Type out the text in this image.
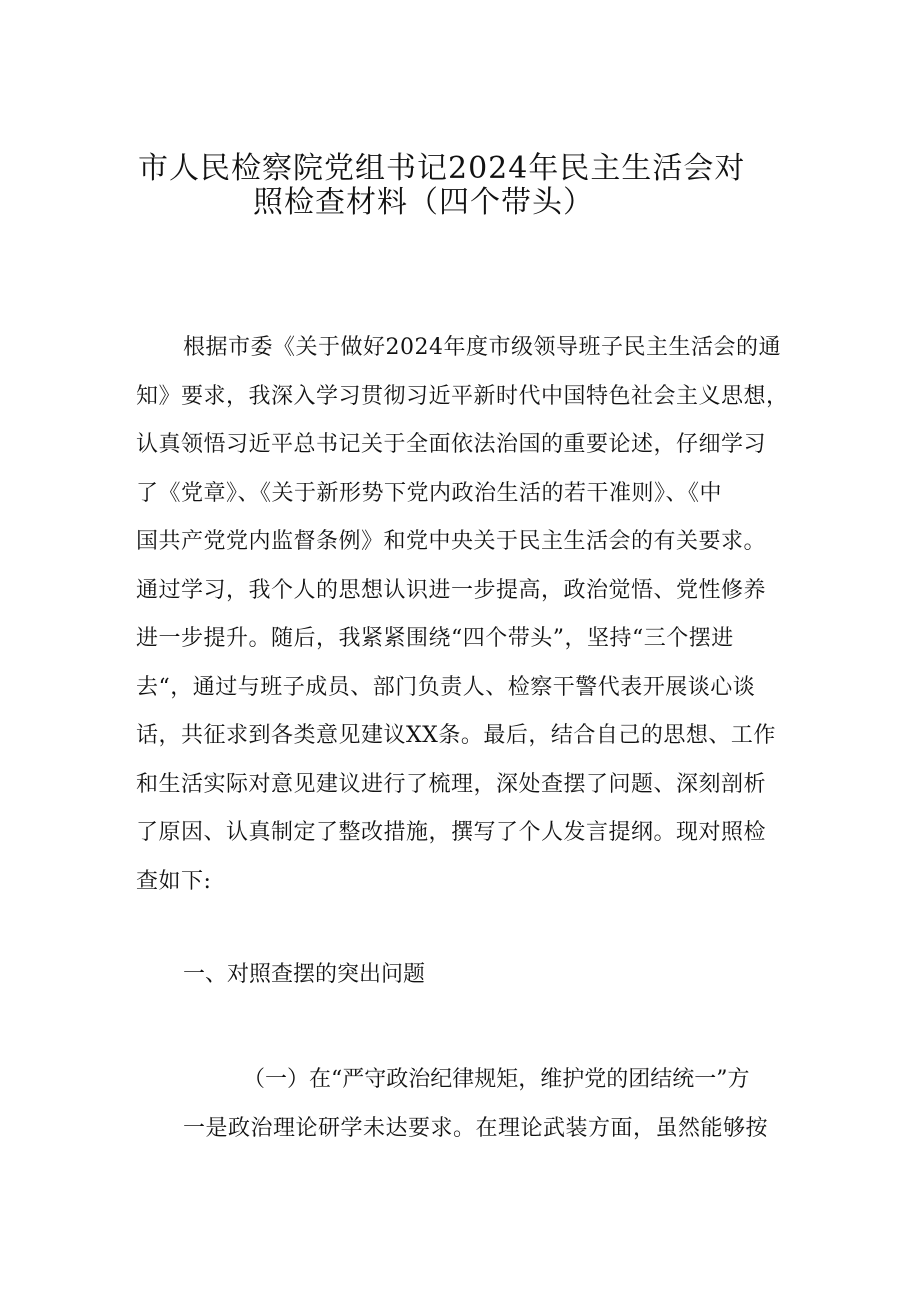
市人民检察院党组书记2024年民主生活会对
照检查材料（四个带头）
根据市委《关于做好2024年度市级领导班子民主生活会的通
知》要求，我深入学习贯彻习近平新时代中国特色社会主义思想，
认真领悟习近平总书记关于全面依法治国的重要论述，仔细学习
了《党章》、《关于新形势下党内政治生活的若干准则》、《中
国共产党党内监督条例》和党中央关于民主生活会的有关要求。
通过学习，我个人的思想认识进一步提高，政治觉悟、党性修养
进一步提升。随后，我紧紧围绕“四个带头”，坚持“三个摆进
去“，通过与班子成员、部门负责人、检察干警代表开展谈心谈
话，共征求到各类意见建议XX条。最后，结合自己的思想、工作
和生活实际对意见建议进行了梳理，深处查摆了问题、深刻剖析
了原因、认真制定了整改措施，撰写了个人发言提纲。现对照检
查如下:
一、对照查摆的突出问题
（一）在“严守政治纪律规矩，维护党的团结统一”方
一是政治理论研学未达要求。在理论武装方面，虽然能够按
